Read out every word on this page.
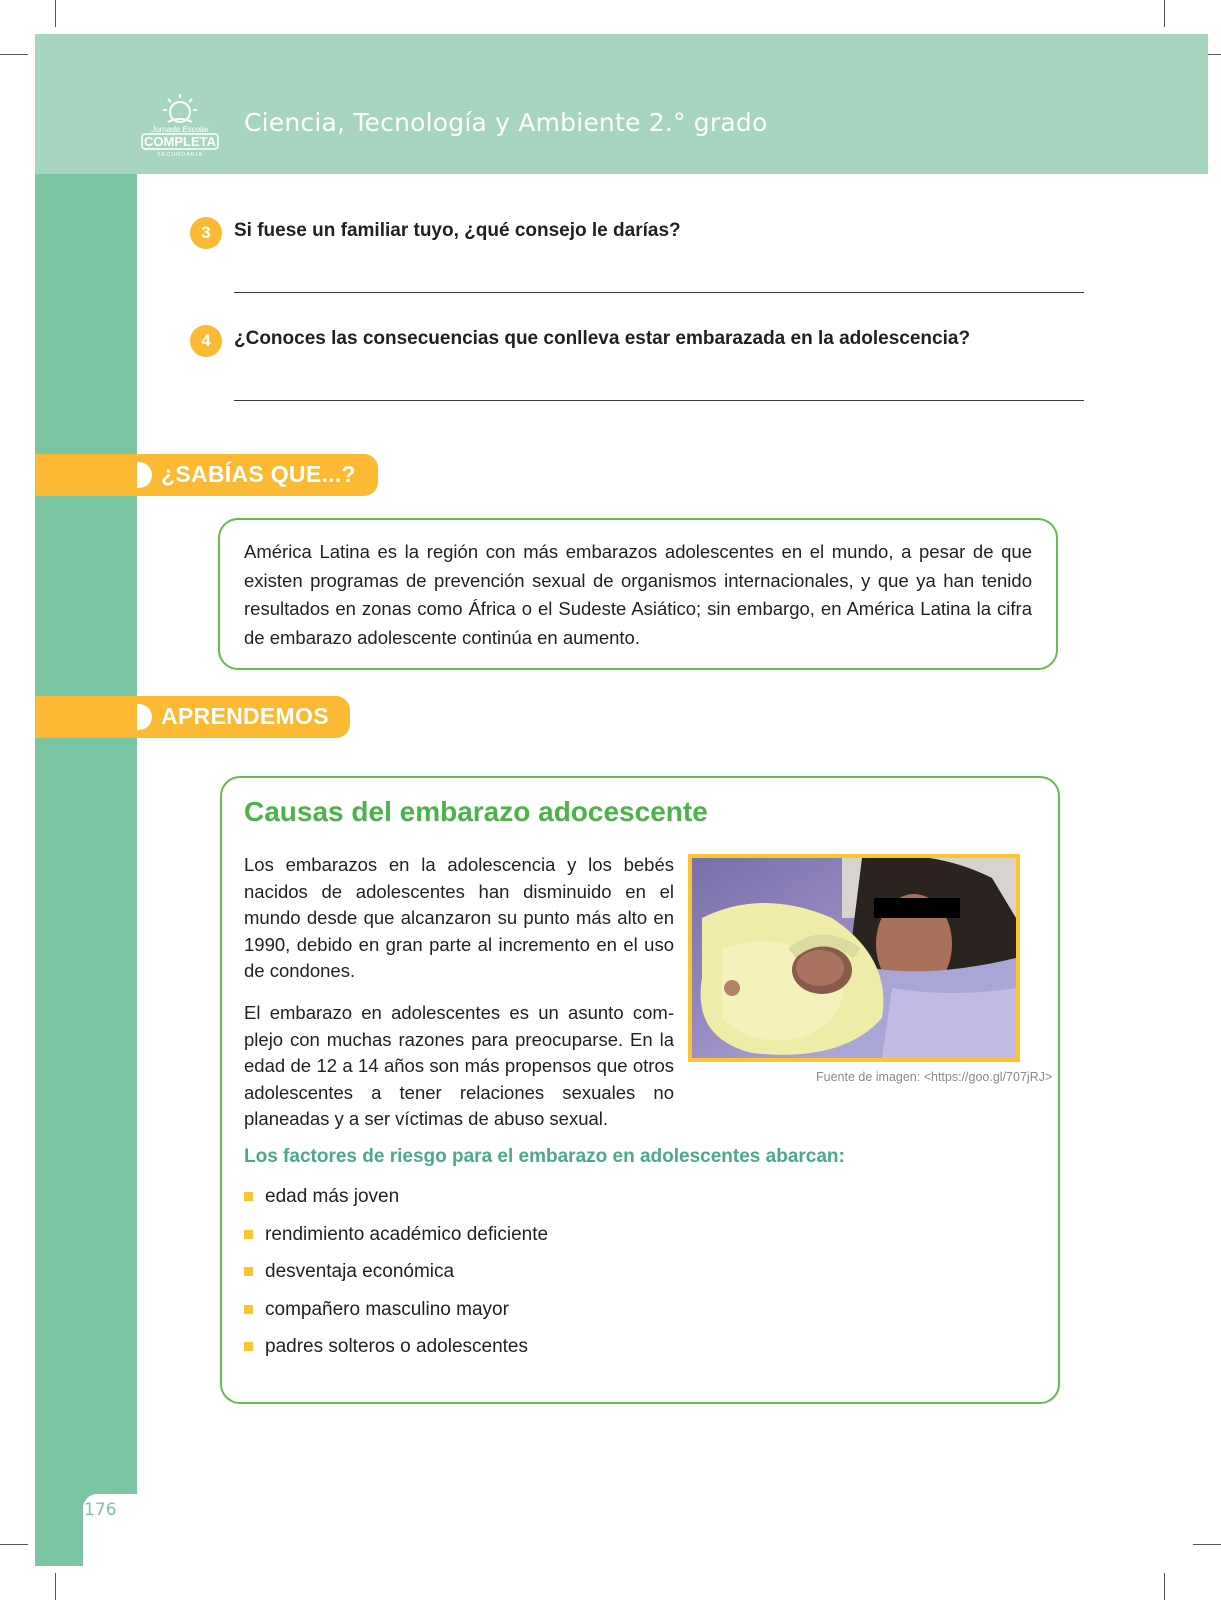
Jornada Escolar
COMPLETA
SECUNDARIA
Ciencia, Tecnología y Ambiente 2.° grado
176
3	Si fuese un familiar tuyo, ¿qué consejo le darías?
4	¿Conoces las consecuencias que conlleva estar embarazada en la adolescencia?
¿SABÍAS QUE...?
América Latina es la región con más embarazos adolescentes en el mundo, a pesar de que existen programas de prevención sexual de organismos internacionales, y que ya han tenido resultados en zonas como África o el Sudeste Asiático; sin embargo, en América Latina la cifra de embarazo adolescente continúa en aumento.
APRENDEMOS
Causas del embarazo adocescente
Los embarazos en la adolescencia y los bebés nacidos de adolescentes han disminuido en el mundo desde que alcanzaron su punto más alto en 1990, debido en gran parte al incremento en el uso de condones.
El embarazo en adolescentes es un asunto com-plejo con muchas razones para preocuparse. En la edad de 12 a 14 años son más propensos que otros adolescentes a tener relaciones sexuales no planeadas y a ser víctimas de abuso sexual.
Fuente de imagen: <https://goo.gl/707jRJ>
Los factores de riesgo para el embarazo en adolescentes abarcan:
edad más joven
rendimiento académico deficiente
desventaja económica
compañero masculino mayor
padres solteros o adolescentes
